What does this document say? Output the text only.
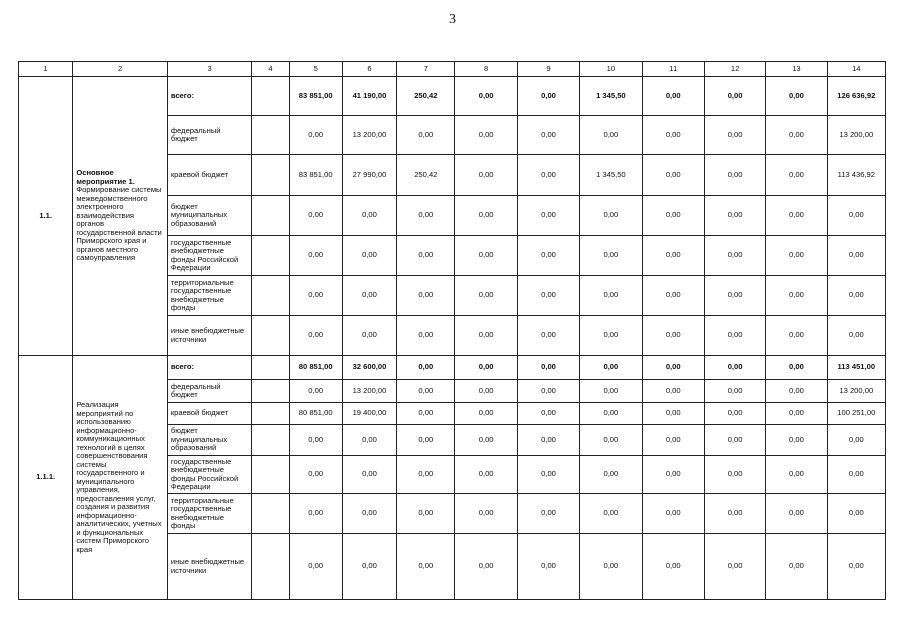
3
1	2	3	4	5	6	7	8	9	10	11	12	13	14
1.1.	Основное мероприятие 1. Формирование системы межведомственного электронного взаимодействия органов государственной власти Приморского края и органов местного самоуправления	всего:		83 851,00	41 190,00	250,42	0,00	0,00	1 345,50	0,00	0,00	0,00	126 636,92
		федеральный бюджет		0,00	13 200,00	0,00	0,00	0,00	0,00	0,00	0,00	0,00	13 200,00
		краевой бюджет		83 851,00	27 990,00	250,42	0,00	0,00	1 345,50	0,00	0,00	0,00	113 436,92
		бюджет муниципальных образований		0,00	0,00	0,00	0,00	0,00	0,00	0,00	0,00	0,00	0,00
		государственные внебюджетные фонды Российской Федерации		0,00	0,00	0,00	0,00	0,00	0,00	0,00	0,00	0,00	0,00
		территориальные государственные внебюджетные фонды		0,00	0,00	0,00	0,00	0,00	0,00	0,00	0,00	0,00	0,00
		иные внебюджетные источники		0,00	0,00	0,00	0,00	0,00	0,00	0,00	0,00	0,00	0,00
1.1.1.	Реализация мероприятий по использованию информационно-коммуникационных технологий в целях совершенствования системы государственного и муниципального управления, предоставления услуг, создания и развития информационно-аналитических, учетных и функциональных систем Приморского края	всего:		80 851,00	32 600,00	0,00	0,00	0,00	0,00	0,00	0,00	0,00	113 451,00
		федеральный бюджет		0,00	13 200,00	0,00	0,00	0,00	0,00	0,00	0,00	0,00	13 200,00
		краевой бюджет		80 851,00	19 400,00	0,00	0,00	0,00	0,00	0,00	0,00	0,00	100 251,00
		бюджет муниципальных образований		0,00	0,00	0,00	0,00	0,00	0,00	0,00	0,00	0,00	0,00
		государственные внебюджетные фонды Российской Федерации		0,00	0,00	0,00	0,00	0,00	0,00	0,00	0,00	0,00	0,00
		территориальные государственные внебюджетные фонды		0,00	0,00	0,00	0,00	0,00	0,00	0,00	0,00	0,00	0,00
		иные внебюджетные источники		0,00	0,00	0,00	0,00	0,00	0,00	0,00	0,00	0,00	0,00
